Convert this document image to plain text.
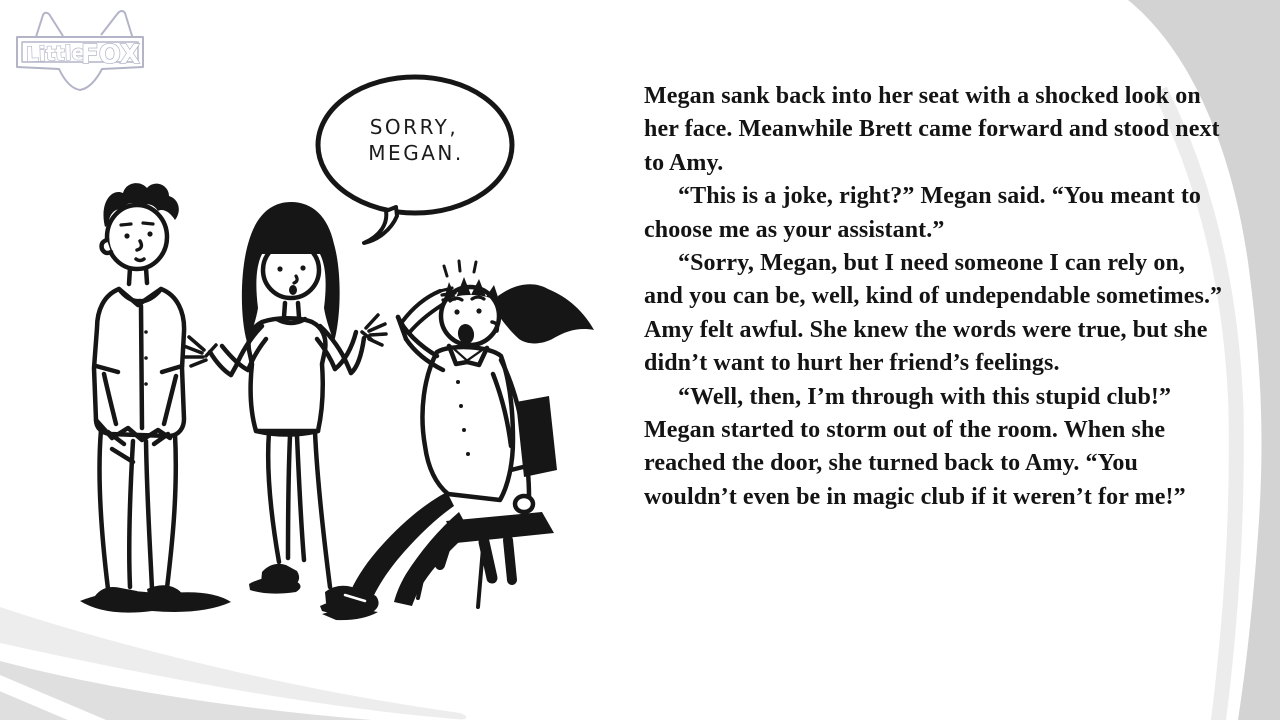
Little
FOX
SORRY,
MEGAN.

Megan sank back into her seat with a shocked look on her face. Meanwhile Brett came forward and stood next to Amy.

“This is a joke, right?” Megan said. “You meant to choose me as your assistant.”

“Sorry, Megan, but I need someone I can rely on, and you can be, well, kind of undependable sometimes.” Amy felt awful. She knew the words were true, but she didn’t want to hurt her friend’s feelings.

“Well, then, I’m through with this stupid club!” Megan started to storm out of the room. When she reached the door, she turned back to Amy. “You wouldn’t even be in magic club if it weren’t for me!”
